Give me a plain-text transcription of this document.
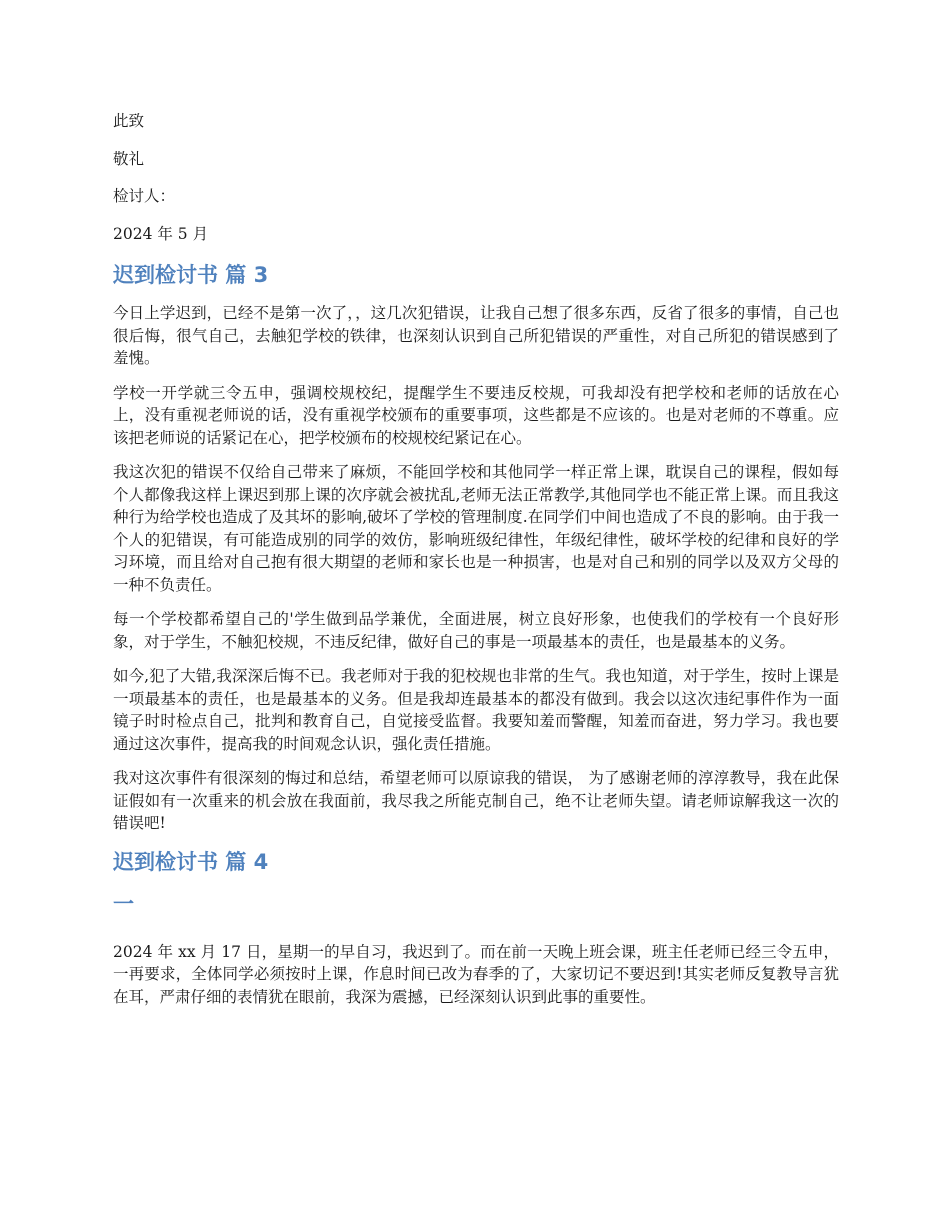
此致
敬礼
检讨人：
2024 年 5 月
迟到检讨书 篇 3

今日上学迟到，已经不是第一次了，，这几次犯错误，让我自己想了很多东西，反省了很多的事情，自己也很后悔，很气自己，去触犯学校的铁律，也深刻认识到自己所犯错误的严重性，对自己所犯的错误感到了羞愧。

学校一开学就三令五申，强调校规校纪，提醒学生不要违反校规，可我却没有把学校和老师的话放在心上，没有重视老师说的话，没有重视学校颁布的重要事项，这些都是不应该的。也是对老师的不尊重。应该把老师说的话紧记在心，把学校颁布的校规校纪紧记在心。

我这次犯的错误不仅给自己带来了麻烦，不能回学校和其他同学一样正常上课，耽误自己的课程，假如每个人都像我这样上课迟到那上课的次序就会被扰乱,老师无法正常教学,其他同学也不能正常上课。而且我这种行为给学校也造成了及其坏的影响,破坏了学校的管理制度.在同学们中间也造成了不良的影响。由于我一个人的犯错误，有可能造成别的同学的效仿，影响班级纪律性，年级纪律性，破坏学校的纪律和良好的学习环境，而且给对自己抱有很大期望的老师和家长也是一种损害，也是对自己和别的同学以及双方父母的一种不负责任。

每一个学校都希望自己的'学生做到品学兼优，全面进展，树立良好形象，也使我们的学校有一个良好形象，对于学生，不触犯校规，不违反纪律，做好自己的事是一项最基本的责任，也是最基本的义务。

如今,犯了大错,我深深后悔不已。我老师对于我的犯校规也非常的生气。我也知道，对于学生，按时上课是一项最基本的责任，也是最基本的义务。但是我却连最基本的都没有做到。我会以这次违纪事件作为一面镜子时时检点自己，批判和教育自己，自觉接受监督。我要知羞而警醒，知羞而奋进，努力学习。我也要通过这次事件，提高我的时间观念认识，强化责任措施。

我对这次事件有很深刻的悔过和总结，希望老师可以原谅我的错误， 为了感谢老师的淳淳教导，我在此保证假如有一次重来的机会放在我面前，我尽我之所能克制自己，绝不让老师失望。请老师谅解我这一次的错误吧!

迟到检讨书 篇 4
一

2024 年 xx 月 17 日，星期一的早自习，我迟到了。而在前一天晚上班会课，班主任老师已经三令五申，一再要求，全体同学必须按时上课，作息时间已改为春季的了，大家切记不要迟到!其实老师反复教导言犹在耳，严肃仔细的表情犹在眼前，我深为震撼，已经深刻认识到此事的重要性。
